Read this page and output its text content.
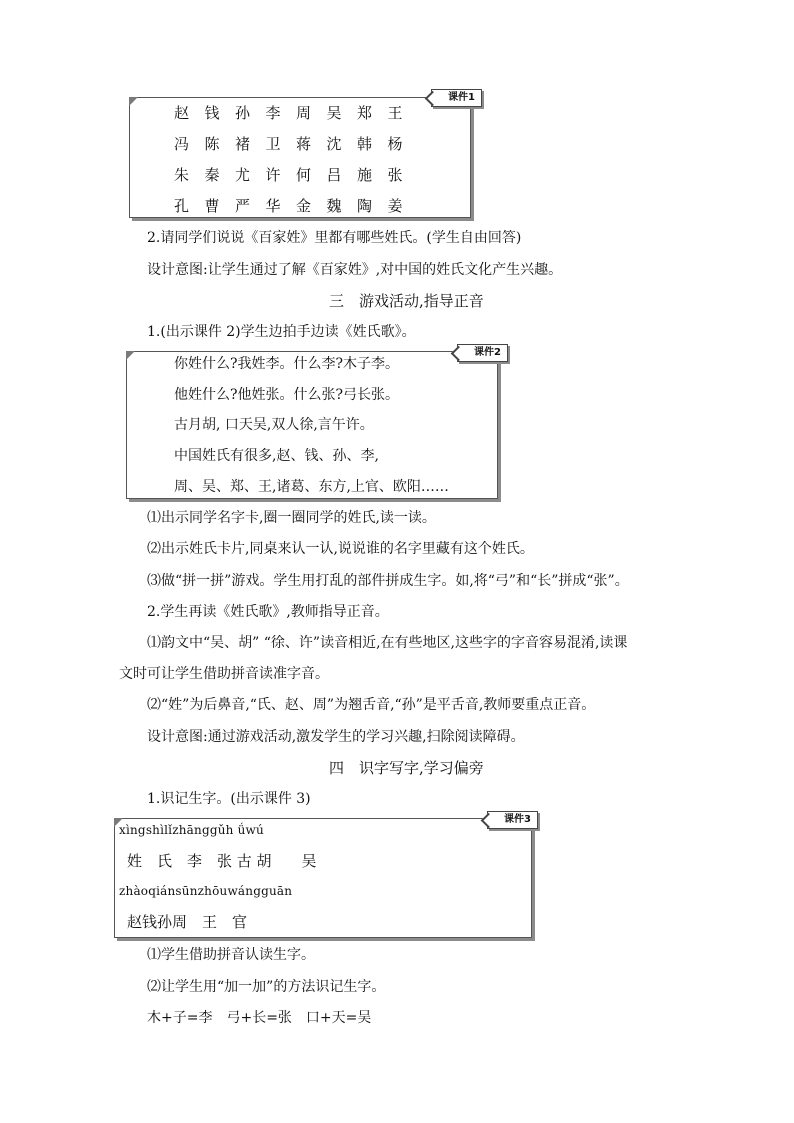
赵 钱 孙 李 周 吴 郑 王
冯 陈 褚 卫 蒋 沈 韩 杨
朱 秦 尤 许 何 吕 施 张
孔 曹 严 华 金 魏 陶 姜
课件1
2.请同学们说说《百家姓》里都有哪些姓氏。(学生自由回答)
设计意图:让学生通过了解《百家姓》,对中国的姓氏文化产生兴趣。
三　游戏活动,指导正音
1.(出示课件 2)学生边拍手边读《姓氏歌》。
你姓什么?我姓李。什么李?木子李。
他姓什么?他姓张。什么张?弓长张。
古月胡, 口天吴,双人徐,言午许。
中国姓氏有很多,赵、钱、孙、李,
周、吴、郑、王,诸葛、东方,上官、欧阳……
课件2
⑴出示同学名字卡,圈一圈同学的姓氏,读一读。
⑵出示姓氏卡片,同桌来认一认,说说谁的名字里藏有这个姓氏。
⑶做“拼一拼”游戏。学生用打乱的部件拼成生字。如,将“弓”和“长”拼成“张”。
2.学生再读《姓氏歌》,教师指导正音。
⑴韵文中“吴、胡” “徐、许”读音相近,在有些地区,这些字的字音容易混淆,读课
文时可让学生借助拼音读准字音。
⑵“姓”为后鼻音,“氏、赵、周”为翘舌音,“孙”是平舌音,教师要重点正音。
设计意图:通过游戏活动,激发学生的学习兴趣,扫除阅读障碍。
四　识字写字,学习偏旁
1.识记生字。(出示课件 3)
xìngshìlǐzhānggǔh ǘwú
姓　氏　李　张 古 胡　　吴
zhàoqiánsūnzhōuwángguān
赵钱孙周　王　官
课件3
⑴学生借助拼音认读生字。
⑵让学生用“加一加”的方法识记生字。
木+子=李　弓+长=张　口+天=吴
